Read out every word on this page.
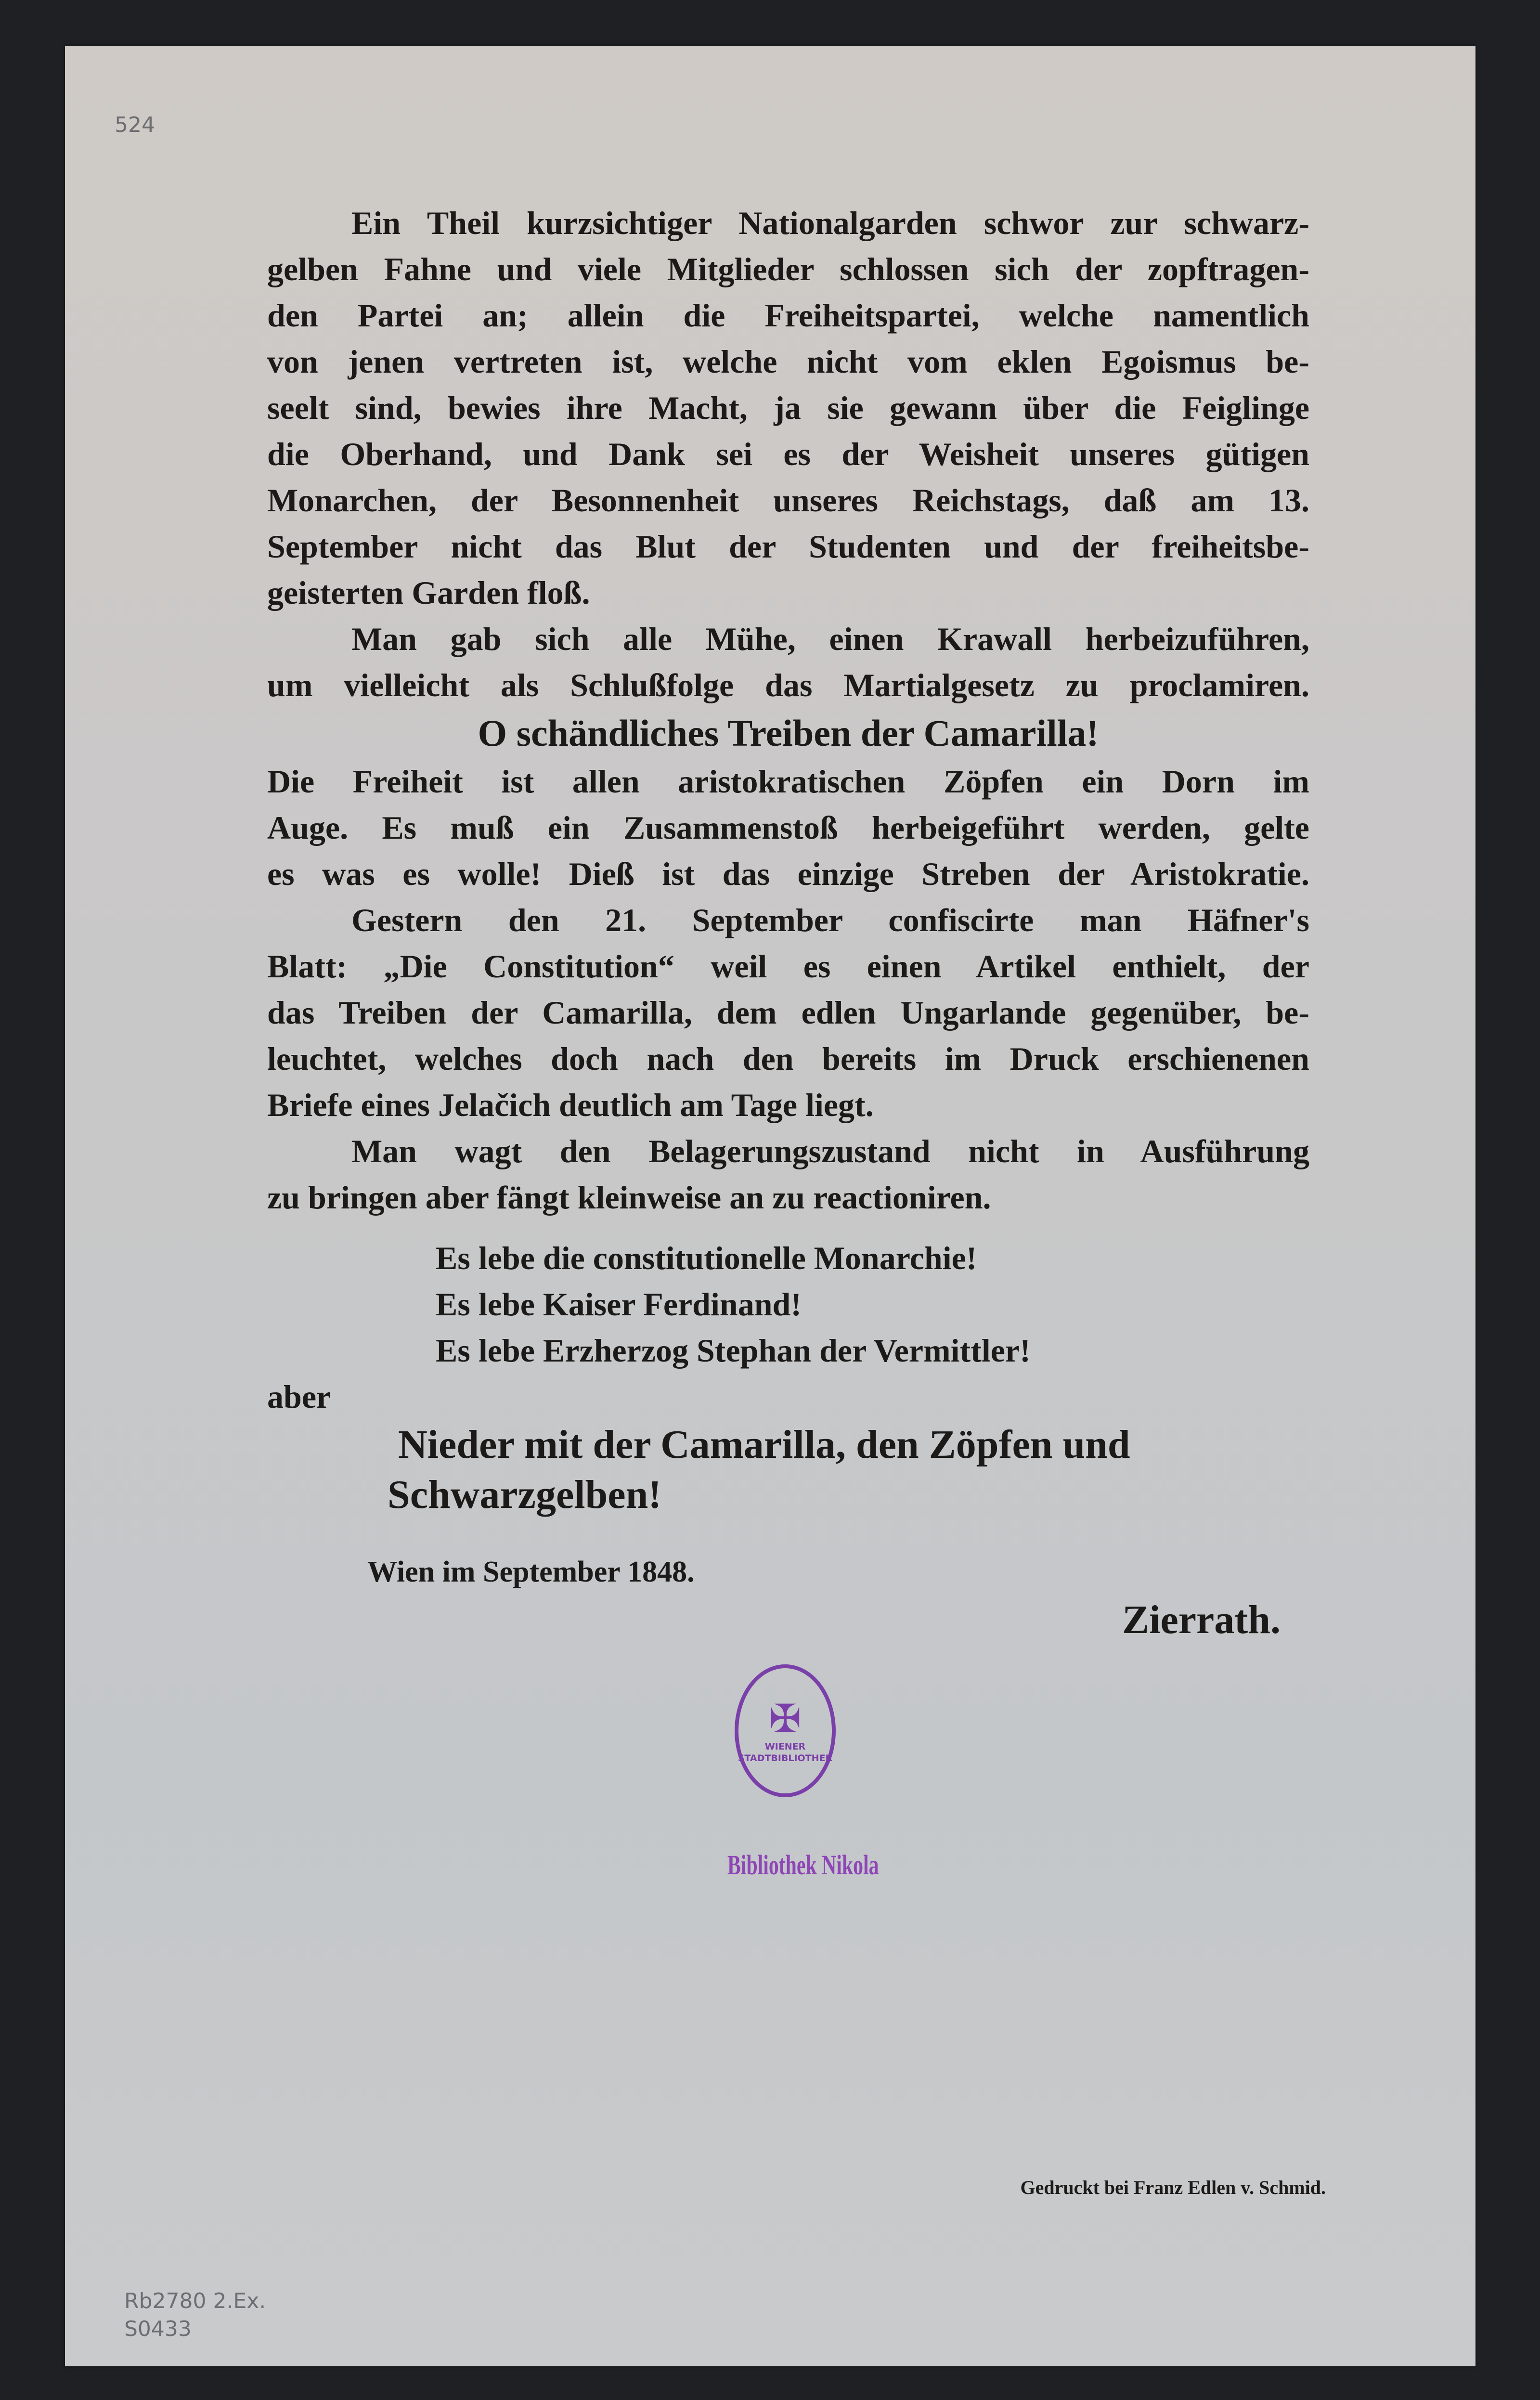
524
Rb2780 2.Ex.
S0433
Ein Theil kurzsichtiger Nationalgarden schwor zur schwarz-
gelben Fahne und viele Mitglieder schlossen sich der zopftragen-
den Partei an; allein die Freiheitspartei, welche namentlich
von jenen vertreten ist, welche nicht vom eklen Egoismus be-
seelt sind, bewies ihre Macht, ja sie gewann über die Feiglinge
die Oberhand, und Dank sei es der Weisheit unseres gütigen
Monarchen, der Besonnenheit unseres Reichstags, daß am 13.
September nicht das Blut der Studenten und der freiheitsbe-
geisterten Garden floß.
Man gab sich alle Mühe, einen Krawall herbeizuführen,
um vielleicht als Schlußfolge das Martialgesetz zu proclamiren.
O schändliches Treiben der Camarilla!
Die Freiheit ist allen aristokratischen Zöpfen ein Dorn im
Auge. Es muß ein Zusammenstoß herbeigeführt werden, gelte
es was es wolle! Dieß ist das einzige Streben der Aristokratie.
Gestern den 21. September confiscirte man Häfner's
Blatt: „Die Constitution“ weil es einen Artikel enthielt, der
das Treiben der Camarilla, dem edlen Ungarlande gegenüber, be-
leuchtet, welches doch nach den bereits im Druck erschienenen
Briefe eines Jelačich deutlich am Tage liegt.
Man wagt den Belagerungszustand nicht in Ausführung
zu bringen aber fängt kleinweise an zu reactioniren.
Es lebe die constitutionelle Monarchie!
Es lebe Kaiser Ferdinand!
Es lebe Erzherzog Stephan der Vermittler!
aber
Nieder mit der Camarilla, den Zöpfen und
Schwarzgelben!
Wien im September 1848.
Zierrath.
✠
WIENER STADTBIBLIOTHEK
Bibliothek Nikola
Gedruckt bei Franz Edlen v. Schmid.
